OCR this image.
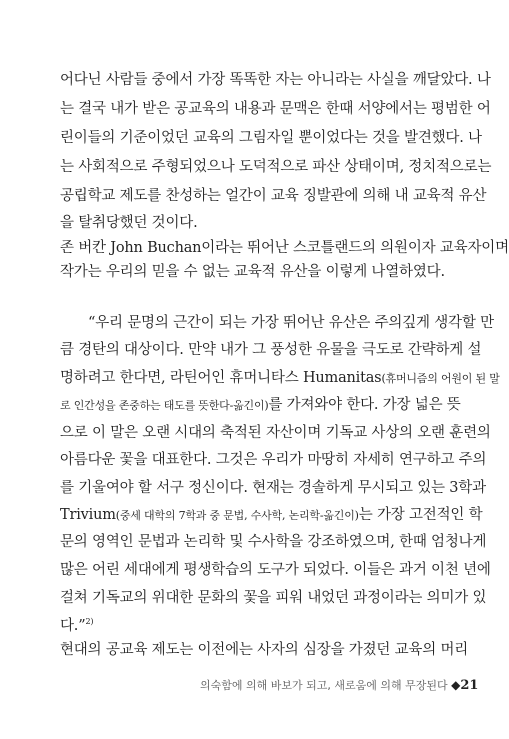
어다닌 사람들 중에서 가장 똑똑한 자는 아니라는 사실을 깨달았다. 나
는 결국 내가 받은 공교육의 내용과 문맥은 한때 서양에서는 평범한 어
린이들의 기준이었던 교육의 그림자일 뿐이었다는 것을 발견했다. 나
는 사회적으로 주형되었으나 도덕적으로 파산 상태이며, 정치적으로는
공립학교 제도를 찬성하는 얼간이 교육 징발관에 의해 내 교육적 유산
을 탈취당했던 것이다.
존 버칸 John Buchan이라는 뛰어난 스코틀랜드의 의원이자 교육자이며
작가는 우리의 믿을 수 없는 교육적 유산을 이렇게 나열하였다.
“우리 문명의 근간이 되는 가장 뛰어난 유산은 주의깊게 생각할 만
큼 경탄의 대상이다. 만약 내가 그 풍성한 유물을 극도로 간략하게 설
명하려고 한다면, 라틴어인 휴머니타스 Humanitas(휴머니즘의 어원이 된 말
로 인간성을 존중하는 태도를 뜻한다-옮긴이)를 가져와야 한다. 가장 넓은 뜻
으로 이 말은 오랜 시대의 축적된 자산이며 기독교 사상의 오랜 훈련의
아름다운 꽃을 대표한다. 그것은 우리가 마땅히 자세히 연구하고 주의
를 기울여야 할 서구 정신이다. 현재는 경솔하게 무시되고 있는 3학과
Trivium(중세 대학의 7학과 중 문법, 수사학, 논리학-옮긴이)는 가장 고전적인 학
문의 영역인 문법과 논리학 및 수사학을 강조하였으며, 한때 엄청나게
많은 어린 세대에게 평생학습의 도구가 되었다. 이들은 과거 이천 년에
걸쳐 기독교의 위대한 문화의 꽃을 피워 내었던 과정이라는 의미가 있
다.”$^{2)}$
현대의 공교육 제도는 이전에는 사자의 심장을 가졌던 교육의 머리
의숙함에 의해 바보가 되고, 새로움에 의해 무장된다 ◆21
